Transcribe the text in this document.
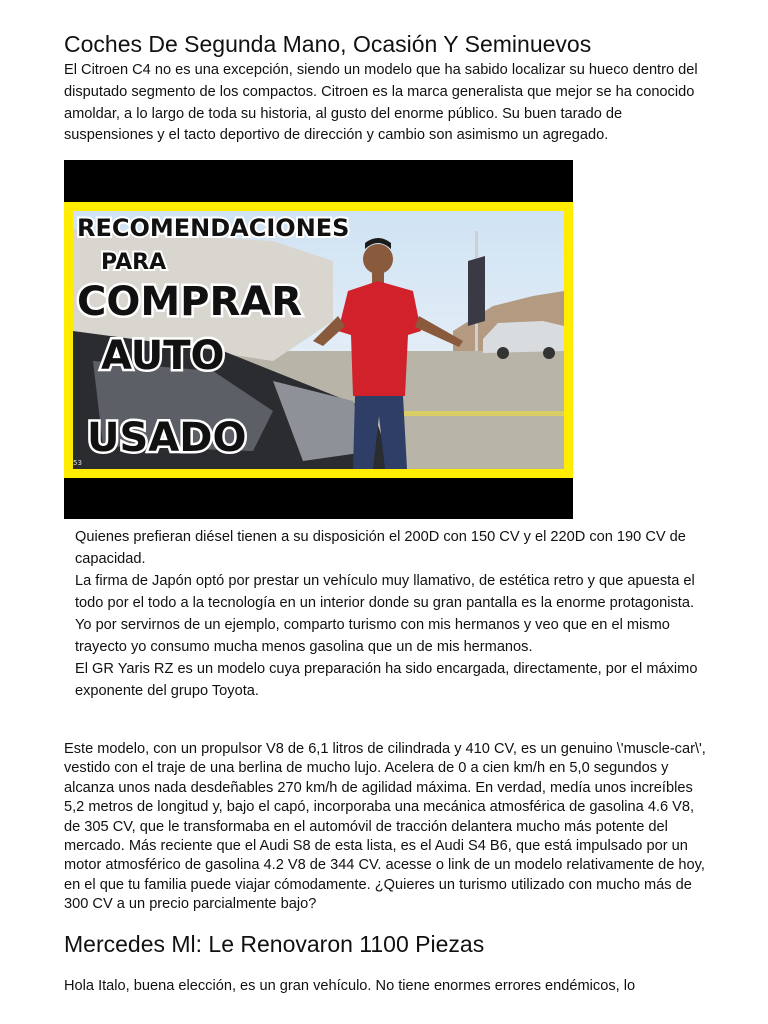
Coches De Segunda Mano, Ocasión Y Seminuevos

El Citroen C4 no es una excepción, siendo un modelo que ha sabido localizar su hueco dentro del disputado segmento de los compactos. Citroen es la marca generalista que mejor se ha conocido amoldar, a lo largo de toda su historia, al gusto del enorme público. Su buen tarado de suspensiones y el tacto deportivo de dirección y cambio son asimismo un agregado.

RECOMENDACIONES
PARA
COMPRAR
AUTO
USADO
53

Quienes prefieran diésel tienen a su disposición el 200D con 150 CV y el 220D con 190 CV de capacidad.

La firma de Japón optó por prestar un vehículo muy llamativo, de estética retro y que apuesta el todo por el todo a la tecnología en un interior donde su gran pantalla es la enorme protagonista.

Yo por servirnos de un ejemplo, comparto turismo con mis hermanos y veo que en el mismo trayecto yo consumo mucha menos gasolina que un de mis hermanos.

El GR Yaris RZ es un modelo cuya preparación ha sido encargada, directamente, por el máximo exponente del grupo Toyota.

Este modelo, con un propulsor V8 de 6,1 litros de cilindrada y 410 CV, es un genuino \'muscle-car\', vestido con el traje de una berlina de mucho lujo. Acelera de 0 a cien km/h en 5,0 segundos y alcanza unos nada desdeñables 270 km/h de agilidad máxima. En verdad, medía unos increíbles 5,2 metros de longitud y, bajo el capó, incorporaba una mecánica atmosférica de gasolina 4.6 V8, de 305 CV, que le transformaba en el automóvil de tracción delantera mucho más potente del mercado. Más reciente que el Audi S8 de esta lista, es el Audi S4 B6, que está impulsado por un motor atmosférico de gasolina 4.2 V8 de 344 CV. acesse o link de un modelo relativamente de hoy, en el que tu familia puede viajar cómodamente. ¿Quieres un turismo utilizado con mucho más de 300 CV a un precio parcialmente bajo?

Mercedes Ml: Le Renovaron 1100 Piezas

Hola Italo, buena elección, es un gran vehículo. No tiene enormes errores endémicos, lo
